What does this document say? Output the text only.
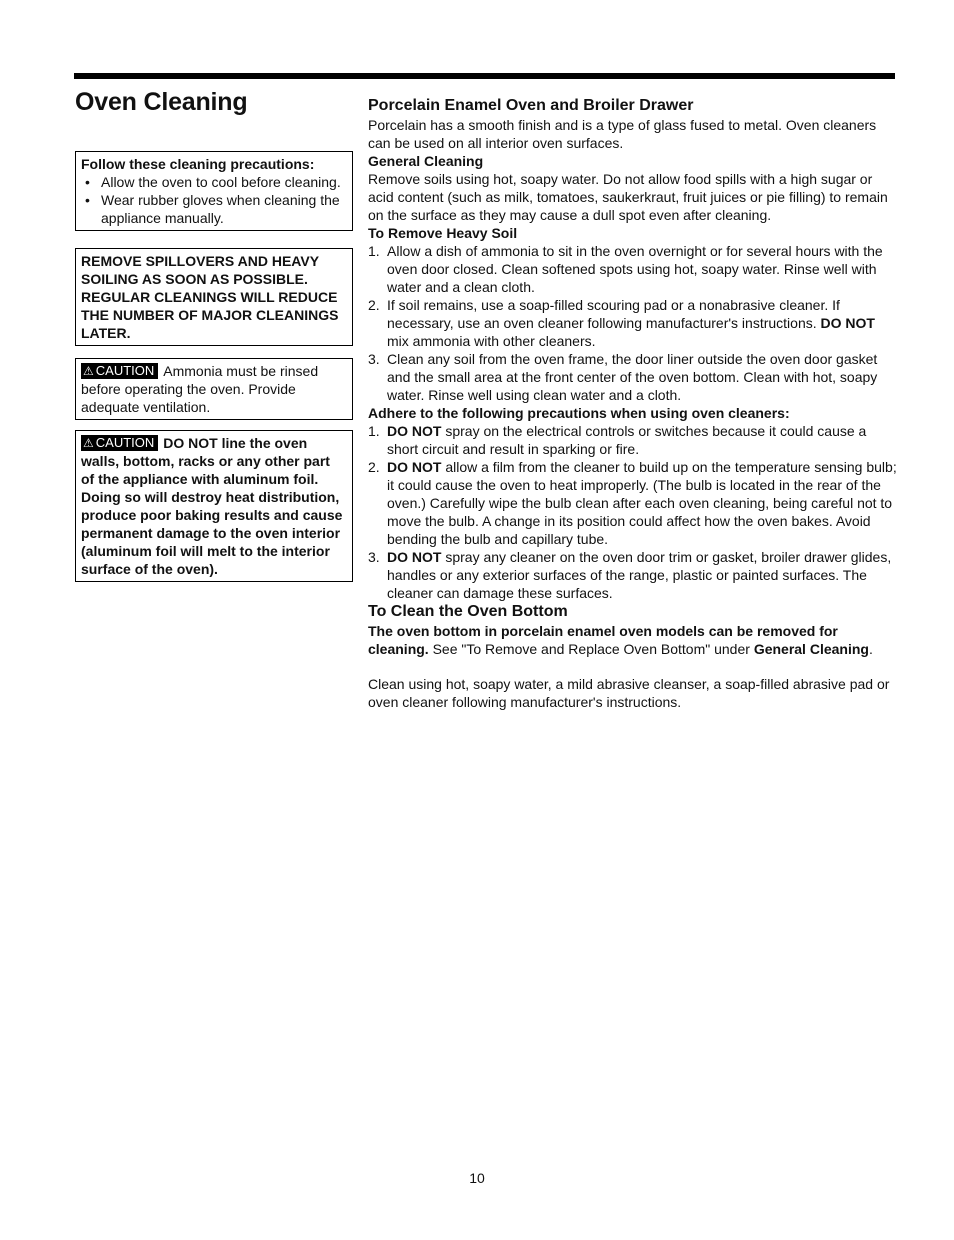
Oven Cleaning
Follow these cleaning precautions:
• Allow the oven to cool before cleaning.
• Wear rubber gloves when cleaning the appliance manually.
REMOVE SPILLOVERS AND HEAVY SOILING AS SOON AS POSSIBLE. REGULAR CLEANINGS WILL REDUCE THE NUMBER OF MAJOR CLEANINGS LATER.
⚠ CAUTION Ammonia must be rinsed before operating the oven. Provide adequate ventilation.
⚠ CAUTION DO NOT line the oven walls, bottom, racks or any other part of the appliance with aluminum foil. Doing so will destroy heat distribution, produce poor baking results and cause permanent damage to the oven interior (aluminum foil will melt to the interior surface of the oven).
Porcelain Enamel Oven and Broiler Drawer

Porcelain has a smooth finish and is a type of glass fused to metal. Oven cleaners can be used on all interior oven surfaces.

General Cleaning

Remove soils using hot, soapy water. Do not allow food spills with a high sugar or acid content (such as milk, tomatoes, saukerkraut, fruit juices or pie filling) to remain on the surface as they may cause a dull spot even after cleaning.

To Remove Heavy Soil
1. Allow a dish of ammonia to sit in the oven overnight or for several hours with the oven door closed. Clean softened spots using hot, soapy water. Rinse well with water and a clean cloth.
2. If soil remains, use a soap-filled scouring pad or a nonabrasive cleaner. If necessary, use an oven cleaner following manufacturer's instructions. DO NOT mix ammonia with other cleaners.
3. Clean any soil from the oven frame, the door liner outside the oven door gasket and the small area at the front center of the oven bottom. Clean with hot, soapy water. Rinse well using clean water and a cloth.
Adhere to the following precautions when using oven cleaners:
1. DO NOT spray on the electrical controls or switches because it could cause a short circuit and result in sparking or fire.
2. DO NOT allow a film from the cleaner to build up on the temperature sensing bulb; it could cause the oven to heat improperly. (The bulb is located in the rear of the oven.) Carefully wipe the bulb clean after each oven cleaning, being careful not to move the bulb. A change in its position could affect how the oven bakes. Avoid bending the bulb and capillary tube.
3. DO NOT spray any cleaner on the oven door trim or gasket, broiler drawer glides, handles or any exterior surfaces of the range, plastic or painted surfaces. The cleaner can damage these surfaces.
To Clean the Oven Bottom

The oven bottom in porcelain enamel oven models can be removed for cleaning. See "To Remove and Replace Oven Bottom" under General Cleaning.

Clean using hot, soapy water, a mild abrasive cleanser, a soap-filled abrasive pad or oven cleaner following manufacturer's instructions.

10
